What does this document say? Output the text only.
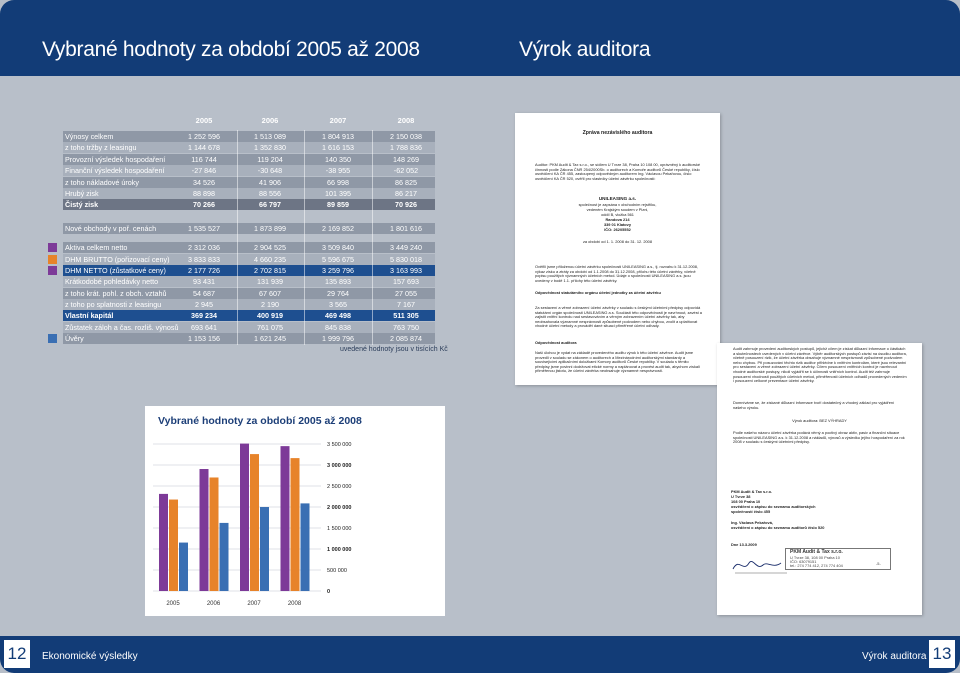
Vybrané hodnoty za období 2005 až 2008	Výrok auditora
2005	2006	2007	2008
Výnosy celkem	1 252 596	1 513 089	1 804 913	2 150 038
z toho tržby z leasingu	1 144 678	1 352 830	1 616 153	1 788 836
Provozní výsledek hospodaření	116 744	119 204	140 350	148 269
Finanční výsledek hospodaření	-27 846	-30 648	-38 955	-62 052
z toho nákladové úroky	34 526	41 906	66 998	86 825
Hrubý zisk	88 898	88 556	101 395	86 217
Čistý zisk	70 266	66 797	89 859	70 926
Nové obchody v poř. cenách	1 535 527	1 873 899	2 169 852	1 801 616
Aktiva celkem netto	2 312 036	2 904 525	3 509 840	3 449 240
DHM BRUTTO (pořizovací ceny)	3 833 833	4 660 235	5 596 675	5 830 018
DHM NETTO (zůstatkové ceny)	2 177 726	2 702 815	3 259 796	3 163 993
Krátkodobé pohledávky netto	93 431	131 939	135 893	157 693
z toho krát. pohl. z obch. vztahů	54 687	67 607	29 764	27 055
z toho po splatnosti z leasingu	2 945	2 190	3 565	7 167
Vlastní kapitál	369 234	400 919	469 498	511 305
Zůstatek záloh a čas. rozliš. výnosů	693 641	761 075	845 838	763 750
Úvěry	1 153 156	1 621 245	1 999 796	2 085 874
uvedené hodnoty jsou v tisících Kč
Vybrané hodnoty za období 2005 až 2008
3 500 000
3 000 000
2 500 000
2 000 000
1 500 000
1 000 000
500 000
0
2005	2006	2007	2008
Zpráva nezávislého auditora
Auditor: PKM Audit & Tax s.r.o., se sídlem U Tvrze 38, Praha 10 108 00, oprávněný k auditorské činnosti podle Zákona ČNR 254/2000Sb. o auditorech a Komoře auditorů České republiky, číslo osvědčení KA ČR 455, zastoupený odpovědným auditorem Ing. Václavou Pekařovou, číslo osvědčení KA ČR 520, ověřil pro vlastníky účetní závěrku společnosti:
UNILEASING a.s.
společnost je zapsána v obchodním rejstříku,
vedeném Krajským soudem v Plzni,
oddíl B, vložka 561
Randova 214
339 01 Klatovy
IČO: 26205552
za období od 1. 1. 2008 do 31. 12. 2008
Ověřili jsme přiloženou účetní závěrku společnosti UNILEASING a.s., tj. rozvahu k 31.12.2008, výkaz zisku a ztráty za období od 1.1.2008 do 31.12.2008, přílohu této účetní závěrky, včetně popisu použitých významných účetních metod. Údaje o společnosti UNILEASING a.s. jsou uvedeny v bodě 1.1. přílohy této účetní závěrky.
Odpovědnost statutárního orgánu účetní jednotky za účetní závěrku
Za sestavení a věrné zobrazení účetní závěrky v souladu s českými účetními předpisy odpovídá statutární orgán společnosti UNILEASING a.s. Součástí této odpovědnosti je navrhnout, zavést a zajistit vnitřní kontrolu nad sestavováním a věrným zobrazením účetní závěrky tak, aby neobsahovala významné nesprávnosti způsobené podvodem nebo chybou, zvolit a uplatňovat vhodné účetní metody a provádět dané situaci přiměřené účetní odhady.
Odpovědnost auditora
Naší úlohou je vydat na základě provedeného auditu výrok k této účetní závěrce. Audit jsme provedli v souladu se zákonem o auditorech a Mezinárodními auditorskými standardy a souvisejícími aplikačními doložkami Komory auditorů České republiky. V souladu s těmito předpisy jsme povinni dodržovat etické normy a naplánovat a provést audit tak, abychom získali přiměřenou jistotu, že účetní závěrka neobsahuje významné nesprávnosti.
Audit zahrnuje provedení auditorských postupů, jejichž cílem je získat důkazní informace o částkách a skutečnostech uvedených v účetní závěrce. Výběr auditorských postupů závisí na úsudku auditora, včetně posouzení rizik, že účetní závěrka obsahuje významné nesprávnosti způsobené podvodem nebo chybou. Při posuzování těchto rizik auditor přihlédne k vnitřním kontrolám, které jsou relevantní pro sestavení a věrné zobrazení účetní závěrky. Cílem posouzení vnitřních kontrol je navrhnout vhodné auditorské postupy, nikoli vyjádřit se k účinnosti vnitřních kontrol. Audit též zahrnuje posouzení vhodnosti použitých účetních metod, přiměřenosti účetních odhadů provedených vedením i posouzení celkové prezentace účetní závěrky.
Domníváme se, že získané důkazní informace tvoří dostatečný a vhodný základ pro vyjádření našeho výroku.
Výrok auditora: BEZ VÝHRADY
Podle našeho názoru účetní závěrka podává věrný a poctivý obraz aktiv, pasiv a finanční situace společnosti UNILEASING a.s. k 31.12.2008 a nákladů, výnosů a výsledku jejího hospodaření za rok 2008 v souladu s českými účetními předpisy.
PKM Audit & Tax s.r.o.
U Tvrze 38
108 00 Praha 10
osvědčení o zápisu do seznamu auditorských
společností číslo 455
Ing. Václava Pekařová,
osvědčení o zápisu do seznamu auditorů číslo 520
Dne 13.3.2009
PKM Audit & Tax s.r.o.
U Tvrze 38, 108 00 Praha 10
IČO: 63079151
tel.: 274 774 412, 274 774 404	-5-
12	Ekonomické výsledky	Výrok auditora 13
